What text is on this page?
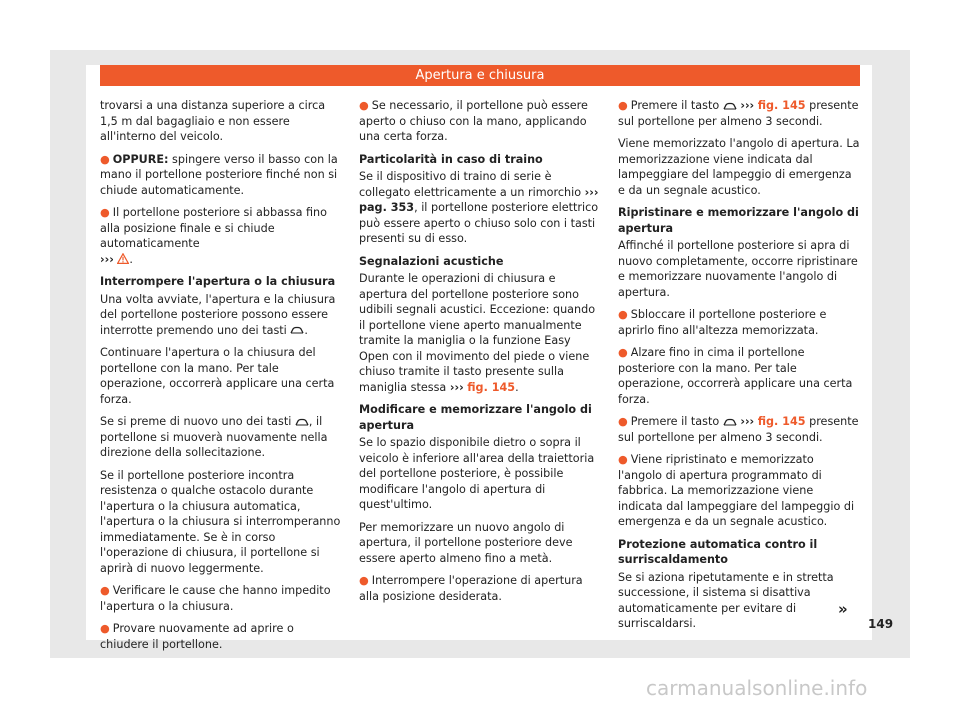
Apertura e chiusura

trovarsi a una distanza superiore a circa 1,5 m dal bagagliaio e non essere all'interno del veicolo.

● OPPURE: spingere verso il basso con la mano il portellone posteriore finché non si chiude automaticamente.

● Il portellone posteriore si abbassa fino alla posizione finale e si chiude automaticamente
››› .

Interrompere l'apertura o la chiusura

Una volta avviate, l'apertura e la chiusura del portellone posteriore possono essere interrotte premendo uno dei tasti .

Continuare l'apertura o la chiusura del portellone con la mano. Per tale operazione, occorrerà applicare una certa forza.

Se si preme di nuovo uno dei tasti , il portellone si muoverà nuovamente nella direzione della sollecitazione.

Se il portellone posteriore incontra resistenza o qualche ostacolo durante l'apertura o la chiusura automatica, l'apertura o la chiusura si interromperanno immediatamente. Se è in corso l'operazione di chiusura, il portellone si aprirà di nuovo leggermente.

● Verificare le cause che hanno impedito l'apertura o la chiusura.

● Provare nuovamente ad aprire o chiudere il portellone.

● Se necessario, il portellone può essere aperto o chiuso con la mano, applicando una certa forza.

Particolarità in caso di traino

Se il dispositivo di traino di serie è collegato elettricamente a un rimorchio ››› pag. 353, il portellone posteriore elettrico può essere aperto o chiuso solo con i tasti presenti su di esso.

Segnalazioni acustiche

Durante le operazioni di chiusura e apertura del portellone posteriore sono udibili segnali acustici. Eccezione: quando il portellone viene aperto manualmente tramite la maniglia o la funzione Easy Open con il movimento del piede o viene chiuso tramite il tasto presente sulla maniglia stessa ››› fig. 145.

Modificare e memorizzare l'angolo di apertura

Se lo spazio disponibile dietro o sopra il veicolo è inferiore all'area della traiettoria del portellone posteriore, è possibile modificare l'angolo di apertura di quest'ultimo.

Per memorizzare un nuovo angolo di apertura, il portellone posteriore deve essere aperto almeno fino a metà.

● Interrompere l'operazione di apertura alla posizione desiderata.

● Premere il tasto ››› fig. 145 presente sul portellone per almeno 3 secondi.

Viene memorizzato l'angolo di apertura. La memorizzazione viene indicata dal lampeggiare del lampeggio di emergenza e da un segnale acustico.

Ripristinare e memorizzare l'angolo di apertura

Affinché il portellone posteriore si apra di nuovo completamente, occorre ripristinare e memorizzare nuovamente l'angolo di apertura.

● Sbloccare il portellone posteriore e aprirlo fino all'altezza memorizzata.

● Alzare fino in cima il portellone posteriore con la mano. Per tale operazione, occorrerà applicare una certa forza.

● Premere il tasto ››› fig. 145 presente sul portellone per almeno 3 secondi.

● Viene ripristinato e memorizzato l'angolo di apertura programmato di fabbrica. La memorizzazione viene indicata dal lampeggiare del lampeggio di emergenza e da un segnale acustico.

Protezione automatica contro il surriscaldamento

Se si aziona ripetutamente e in stretta successione, il sistema si disattiva automaticamente per evitare di surriscaldarsi.

»
149
carmanualsonline.info
